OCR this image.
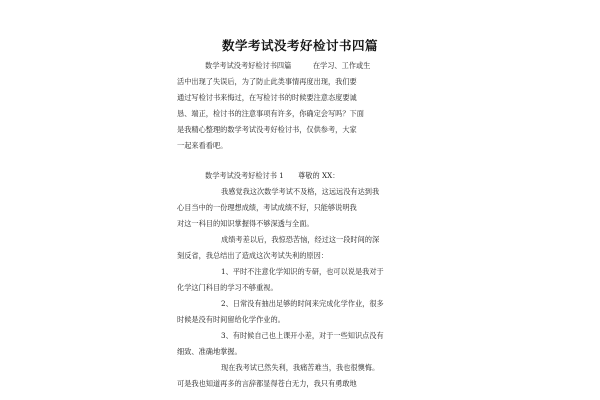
数学考试没考好检讨书四篇
数学考试没考好检讨书四篇　　　在学习、工作或生
活中出现了失误后，为了防止此类事情再度出现，我们要
通过写检讨书来悔过，在写检讨书的时候要注意态度要诚
恳、端正，检讨书的注意事项有许多，你确定会写吗？下面
是我精心整理的数学考试没考好检讨书，仅供参考，大家
一起来看看吧。
数学考试没考好检讨书 1　　尊敬的 XX：
我感觉我这次数学考试不及格，这远远没有达到我
心目当中的一份理想成绩，考试成绩不好，只能够说明我
对这一科目的知识掌握得不够深透与全面。
成绩考差以后，我惊恐苦恼，经过这一段时间的深
刻反省，我总结出了造成这次考试失利的原因：
1、平时不注意化学知识的专研，也可以说是我对于
化学这门科目的学习不够重视。
2、日常没有抽出足够的时间来完成化学作业，很多
时候是没有时间留给化学作业的。
3、有时候自己也上课开小差，对于一些知识点没有
细致、准确地掌握。
现在我考试已然失利，我痛苦难当，我也很懊悔。
可是我也知道再多的言辞都显得苍白无力，我只有勇敢地
